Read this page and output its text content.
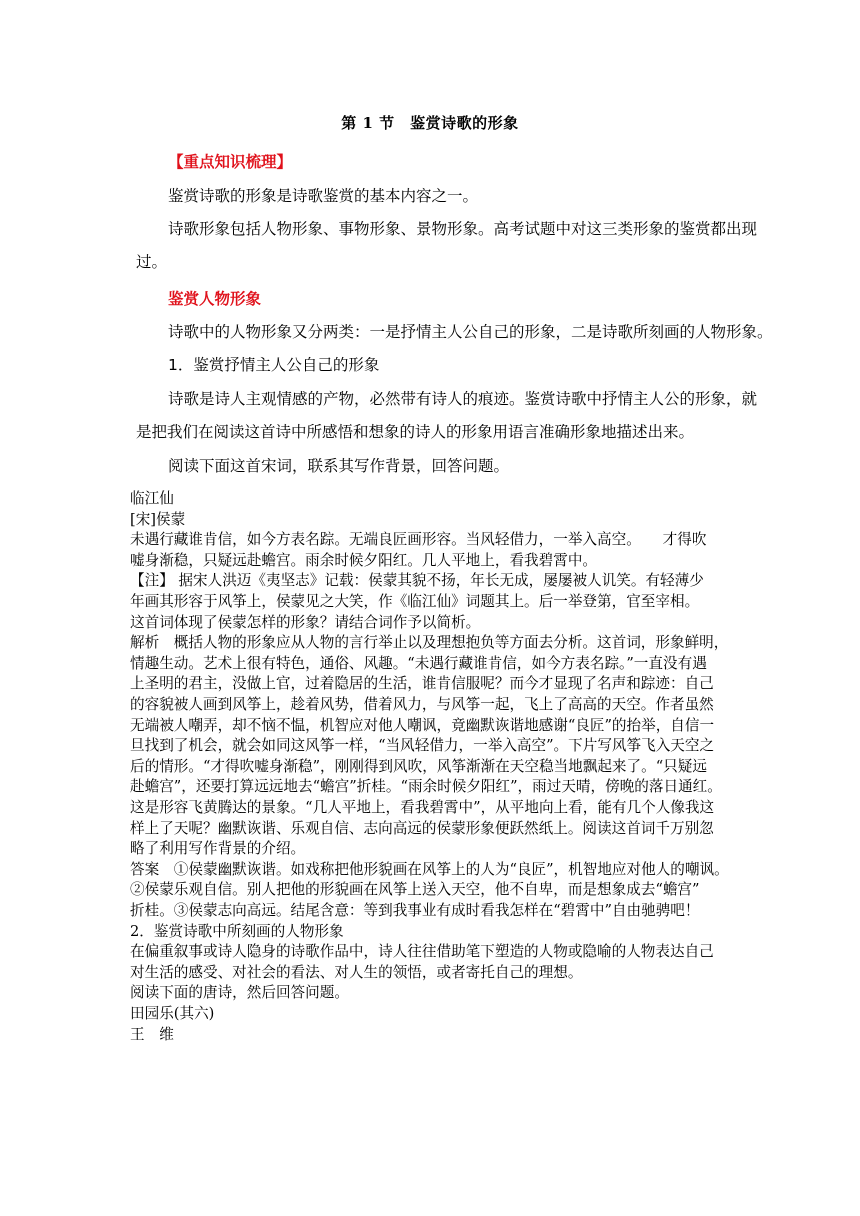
第 1 节　鉴赏诗歌的形象
【重点知识梳理】
鉴赏诗歌的形象是诗歌鉴赏的基本内容之一。
诗歌形象包括人物形象、事物形象、景物形象。高考试题中对这三类形象的鉴赏都出现
过。
鉴赏人物形象
诗歌中的人物形象又分两类：一是抒情主人公自己的形象，二是诗歌所刻画的人物形象。
1．鉴赏抒情主人公自己的形象
诗歌是诗人主观情感的产物，必然带有诗人的痕迹。鉴赏诗歌中抒情主人公的形象，就
是把我们在阅读这首诗中所感悟和想象的诗人的形象用语言准确形象地描述出来。
阅读下面这首宋词，联系其写作背景，回答问题。
临江仙
[宋]侯蒙
未遇行藏谁肯信，如今方表名踪。无端良匠画形容。当风轻借力，一举入高空。　　才得吹
嘘身渐稳，只疑远赴蟾宫。雨余时候夕阳红。几人平地上，看我碧霄中。
【注】 据宋人洪迈《夷坚志》记载：侯蒙其貌不扬，年长无成，屡屡被人讥笑。有轻薄少
年画其形容于风筝上，侯蒙见之大笑，作《临江仙》词题其上。后一举登第，官至宰相。
这首词体现了侯蒙怎样的形象？请结合词作予以简析。
解析　概括人物的形象应从人物的言行举止以及理想抱负等方面去分析。这首词，形象鲜明，
情趣生动。艺术上很有特色，通俗、风趣。“未遇行藏谁肯信，如今方表名踪。”一直没有遇
上圣明的君主，没做上官，过着隐居的生活，谁肯信服呢？而今才显现了名声和踪迹：自己
的容貌被人画到风筝上，趁着风势，借着风力，与风筝一起，飞上了高高的天空。作者虽然
无端被人嘲弄，却不恼不愠，机智应对他人嘲讽，竟幽默诙谐地感谢“良匠”的抬举，自信一
旦找到了机会，就会如同这风筝一样，“当风轻借力，一举入高空”。下片写风筝飞入天空之
后的情形。“才得吹嘘身渐稳”，刚刚得到风吹，风筝渐渐在天空稳当地飘起来了。“只疑远
赴蟾宫”，还要打算远远地去“蟾宫”折桂。“雨余时候夕阳红”，雨过天晴，傍晚的落日通红。
这是形容飞黄腾达的景象。“几人平地上，看我碧霄中”，从平地向上看，能有几个人像我这
样上了天呢？幽默诙谐、乐观自信、志向高远的侯蒙形象便跃然纸上。阅读这首词千万别忽
略了利用写作背景的介绍。
答案　①侯蒙幽默诙谐。如戏称把他形貌画在风筝上的人为“良匠”，机智地应对他人的嘲讽。
②侯蒙乐观自信。别人把他的形貌画在风筝上送入天空，他不自卑，而是想象成去“蟾宫”
折桂。③侯蒙志向高远。结尾含意：等到我事业有成时看我怎样在“碧霄中”自由驰骋吧！
2．鉴赏诗歌中所刻画的人物形象
在偏重叙事或诗人隐身的诗歌作品中，诗人往往借助笔下塑造的人物或隐喻的人物表达自己
对生活的感受、对社会的看法、对人生的领悟，或者寄托自己的理想。
阅读下面的唐诗，然后回答问题。
田园乐(其六)
王　维
